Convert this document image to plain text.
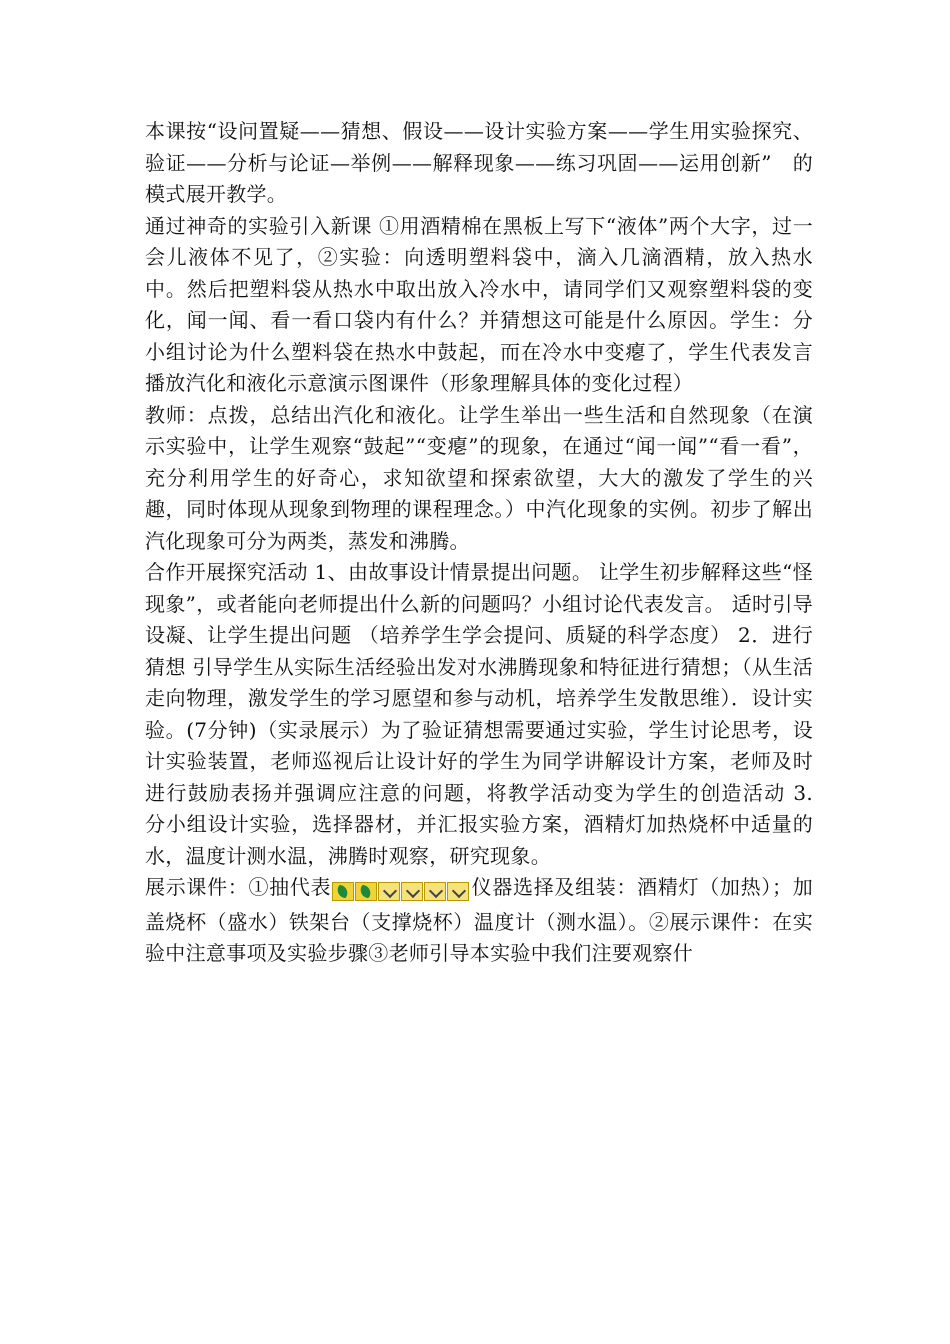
本课按“设问置疑——猜想、假设——设计实验方案——学生用实验探究、验证——分析与论证—举例——解释现象——练习巩固——运用创新”　的模式展开教学。

通过神奇的实验引入新课 ①用酒精棉在黑板上写下“液体”两个大字，过一会儿液体不见了，②实验：向透明塑料袋中，滴入几滴酒精，放入热水中。然后把塑料袋从热水中取出放入冷水中，请同学们又观察塑料袋的变化，闻一闻、看一看口袋内有什么？并猜想这可能是什么原因。学生：分小组讨论为什么塑料袋在热水中鼓起，而在冷水中变瘪了，学生代表发言 播放汽化和液化示意演示图课件（形象理解具体的变化过程）

教师：点拨，总结出汽化和液化。让学生举出一些生活和自然现象（在演示实验中，让学生观察“鼓起”“变瘪”的现象，在通过“闻一闻”“看一看”，充分利用学生的好奇心，求知欲望和探索欲望，大大的激发了学生的兴趣，同时体现从现象到物理的课程理念。）中汽化现象的实例。初步了解出汽化现象可分为两类，蒸发和沸腾。

合作开展探究活动 1、由故事设计情景提出问题。 让学生初步解释这些“怪现象”，或者能向老师提出什么新的问题吗？小组讨论代表发言。 适时引导设凝、让学生提出问题 （培养学生学会提问、质疑的科学态度） 2．进行猜想 引导学生从实际生活经验出发对水沸腾现象和特征进行猜想；（从生活走向物理，激发学生的学习愿望和参与动机，培养学生发散思维）．设计实验。(7分钟)（实录展示）为了验证猜想需要通过实验，学生讨论思考，设计实验装置，老师巡视后让设计好的学生为同学讲解设计方案，老师及时进行鼓励表扬并强调应注意的问题，将教学活动变为学生的创造活动 3.　 分小组设计实验，选择器材，并汇报实验方案，酒精灯加热烧杯中适量的水，温度计测水温，沸腾时观察，研究现象。

展示课件：①抽代表	仪器选择及组装：酒精灯（加热）；加盖烧杯（盛水）铁架台（支撑烧杯）温度计（测水温）。②展示课件：在实验中注意事项及实验步骤③老师引导本实验中我们注要观察什
